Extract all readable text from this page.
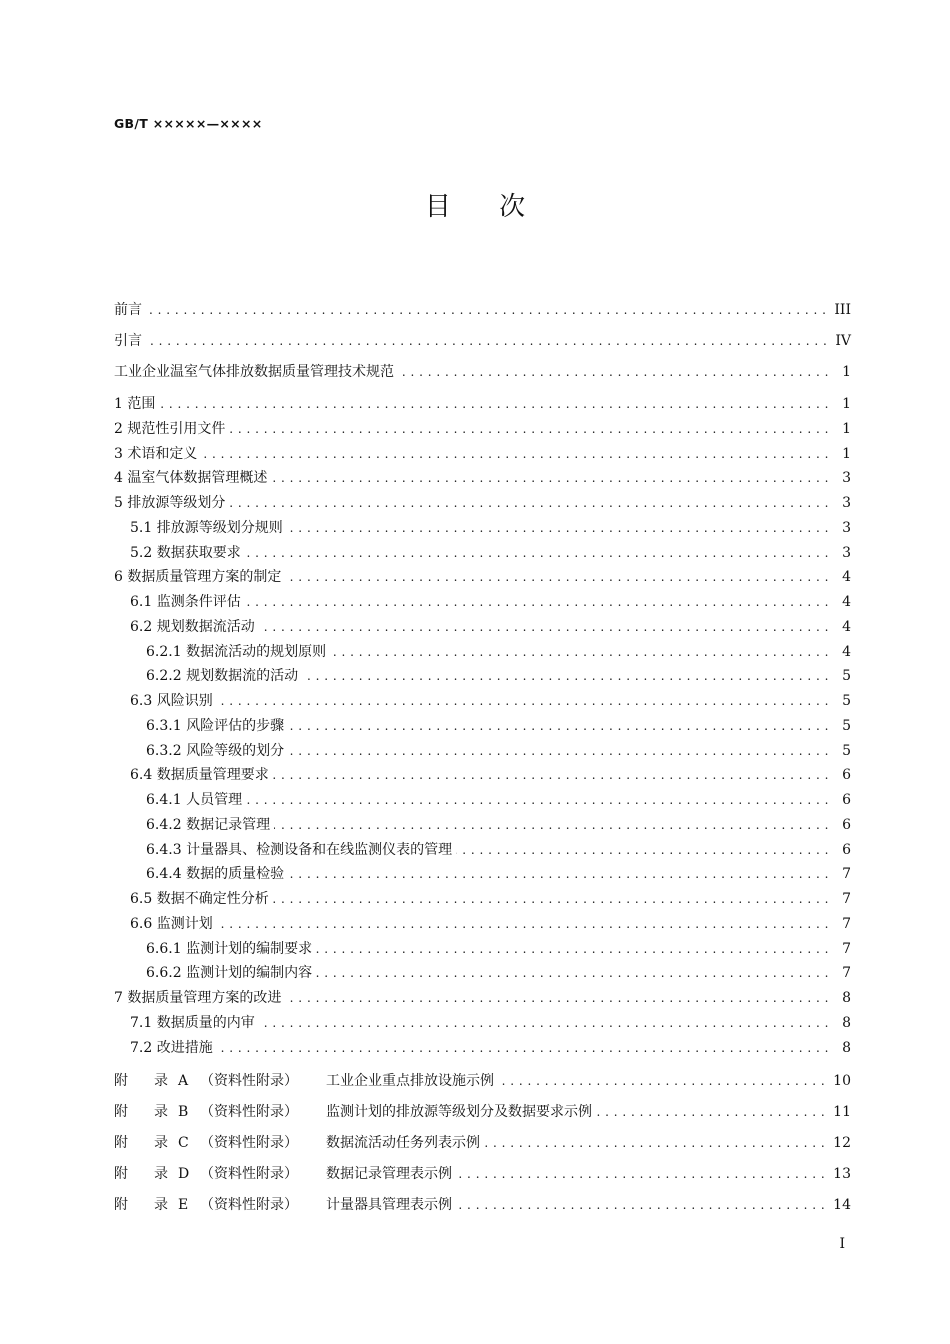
GB/T ×××××—××××
目 次
前言 . . .	III
引言 . . .	IV
工业企业温室气体排放数据质量管理技术规范 . . .	1
1 范围 . . .	1
2 规范性引用文件 . . .	1
3 术语和定义 . . .	1
4 温室气体数据管理概述 . . .	3
5 排放源等级划分 . . .	3
5.1 排放源等级划分规则 . . .	3
5.2 数据获取要求 . . .	3
6 数据质量管理方案的制定 . . .	4
6.1 监测条件评估 . . .	4
6.2 规划数据流活动 . . .	4
6.2.1 数据流活动的规划原则 . . .	4
6.2.2 规划数据流的活动 . . .	5
6.3 风险识别 . . .	5
6.3.1 风险评估的步骤 . . .	5
6.3.2 风险等级的划分 . . .	5
6.4 数据质量管理要求 . . .	6
6.4.1 人员管理 . . .	6
6.4.2 数据记录管理 . . .	6
6.4.3 计量器具、检测设备和在线监测仪表的管理 . . .	6
6.4.4 数据的质量检验 . . .	7
6.5 数据不确定性分析 . . .	7
6.6 监测计划 . . .	7
6.6.1 监测计划的编制要求 . . .	7
6.6.2 监测计划的编制内容 . . .	7
7 数据质量管理方案的改进 . . .	8
7.1 数据质量的内审 . . .	8
7.2 改进措施 . . .	8
附 录 A （资料性附录） 工业企业重点排放设施示例 . . .	10
附 录 B （资料性附录） 监测计划的排放源等级划分及数据要求示例 . . .	11
附 录 C （资料性附录） 数据流活动任务列表示例 . . .	12
附 录 D （资料性附录） 数据记录管理表示例 . . .	13
附 录 E （资料性附录） 计量器具管理表示例 . . .	14
I
